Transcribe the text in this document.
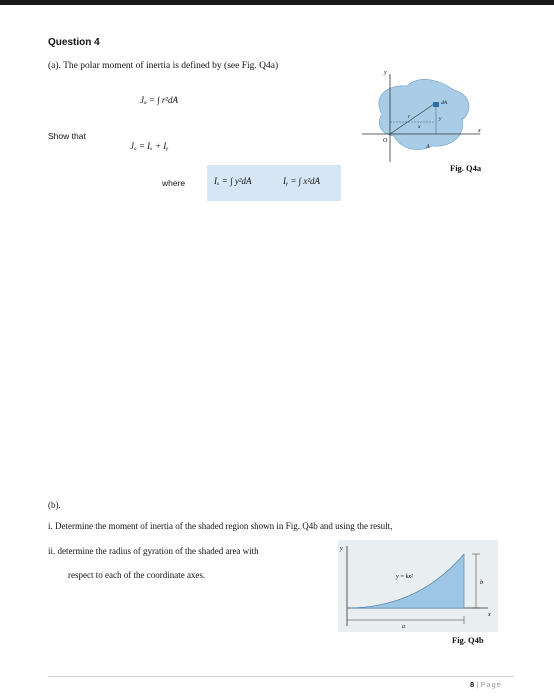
Question 4
(a). The polar moment of inertia is defined by (see Fig. Q4a)
Jₒ = ∫ r²dA
Show that
Jₒ = Iₓ + Iᵧ
where	Iₓ = ∫ y²dA	Iᵧ = ∫ x²dA
y
x
O
A
dA
r
x
y
Fig. Q4a
(b).
i. Determine the moment of inertia of the shaded region shown in Fig. Q4b and using the result,
ii. determine the radius of gyration of the shaded area with
respect to each of the coordinate axes.
y
x
y = kx²
b
a
Fig. Q4b
8 | Page
